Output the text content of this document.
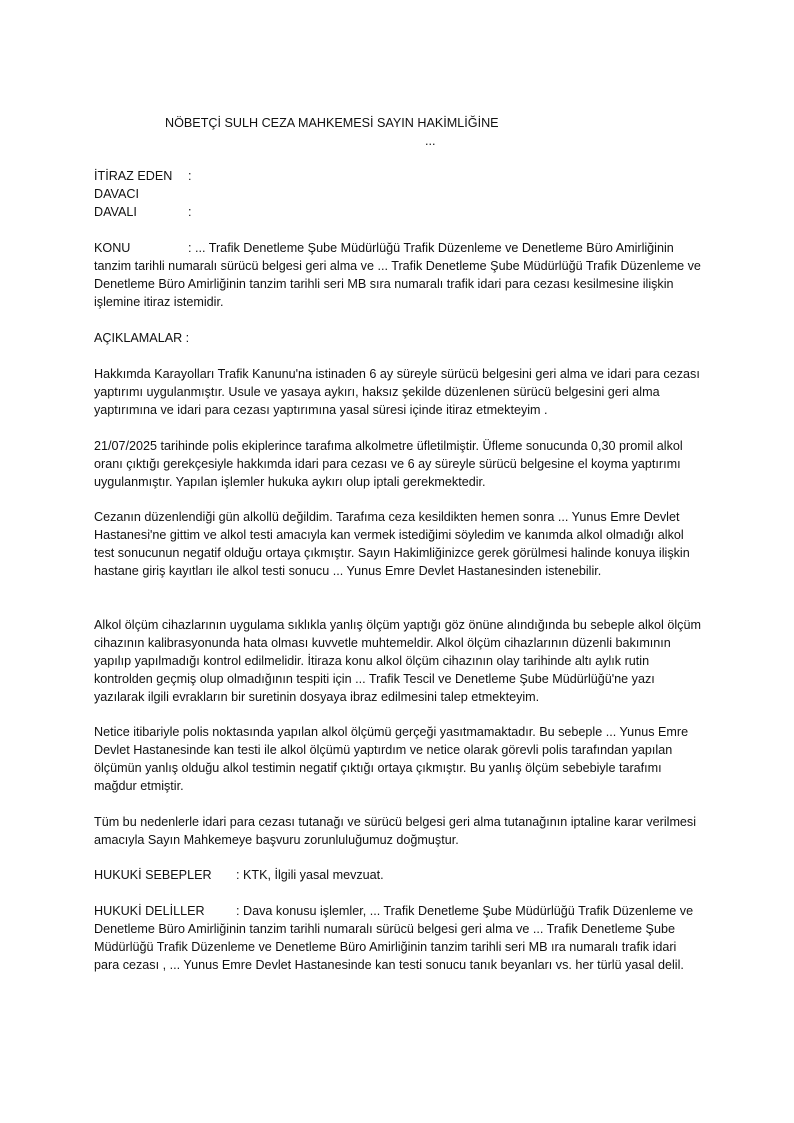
NÖBETÇİ SULH CEZA MAHKEMESİ SAYIN HAKİMLİĞİNE
...
İTİRAZ EDEN :
DAVACI
DAVALI	:

KONU	: ... Trafik Denetleme Şube Müdürlüğü Trafik Düzenleme ve Denetleme Büro Amirliğinin tanzim tarihli numaralı sürücü belgesi geri alma ve ... Trafik Denetleme Şube Müdürlüğü Trafik Düzenleme ve Denetleme Büro Amirliğinin tanzim tarihli seri MB sıra numaralı trafik idari para cezası kesilmesine ilişkin işlemine itiraz istemidir.

AÇIKLAMALAR :

Hakkımda Karayolları Trafik Kanunu'na istinaden 6 ay süreyle sürücü belgesini geri alma ve idari para cezası yaptırımı uygulanmıştır. Usule ve yasaya aykırı, haksız şekilde düzenlenen sürücü belgesini geri alma yaptırımına ve idari para cezası yaptırımına yasal süresi içinde itiraz etmekteyim .

21/07/2025 tarihinde polis ekiplerince tarafıma alkolmetre üfletilmiştir. Üfleme sonucunda 0,30 promil alkol oranı çıktığı gerekçesiyle hakkımda idari para cezası ve 6 ay süreyle sürücü belgesine el koyma yaptırımı uygulanmıştır. Yapılan işlemler hukuka aykırı olup iptali gerekmektedir.

Cezanın düzenlendiği gün alkollü değildim. Tarafıma ceza kesildikten hemen sonra ... Yunus Emre Devlet Hastanesi'ne gittim ve alkol testi amacıyla kan vermek istediğimi söyledim ve kanımda alkol olmadığı alkol test sonucunun negatif olduğu ortaya çıkmıştır. Sayın Hakimliğinizce gerek görülmesi halinde konuya ilişkin hastane giriş kayıtları ile alkol testi sonucu ... Yunus Emre Devlet Hastanesinden istenebilir.

Alkol ölçüm cihazlarının uygulama sıklıkla yanlış ölçüm yaptığı göz önüne alındığında bu sebeple alkol ölçüm cihazının kalibrasyonunda hata olması kuvvetle muhtemeldir. Alkol ölçüm cihazlarının düzenli bakımının yapılıp yapılmadığı kontrol edilmelidir. İtiraza konu alkol ölçüm cihazının olay tarihinde altı aylık rutin kontrolden geçmiş olup olmadığının tespiti için ... Trafik Tescil ve Denetleme Şube Müdürlüğü'ne yazı yazılarak ilgili evrakların bir suretinin dosyaya ibraz edilmesini talep etmekteyim.

Netice itibariyle polis noktasında yapılan alkol ölçümü gerçeği yasıtmamaktadır. Bu sebeple ... Yunus Emre Devlet Hastanesinde kan testi ile alkol ölçümü yaptırdım ve netice olarak görevli polis tarafından yapılan ölçümün yanlış olduğu alkol testimin negatif çıktığı ortaya çıkmıştır. Bu yanlış ölçüm sebebiyle tarafımı mağdur etmiştir.

Tüm bu nedenlerle idari para cezası tutanağı ve sürücü belgesi geri alma tutanağının iptaline karar verilmesi amacıyla Sayın Mahkemeye başvuru zorunluluğumuz doğmuştur.

HUKUKİ SEBEPLER : KTK, İlgili yasal mevzuat.

HUKUKİ DELİLLER : Dava konusu işlemler, ... Trafik Denetleme Şube Müdürlüğü Trafik Düzenleme ve Denetleme Büro Amirliğinin tanzim tarihli numaralı sürücü belgesi geri alma ve ... Trafik Denetleme Şube Müdürlüğü Trafik Düzenleme ve Denetleme Büro Amirliğinin tanzim tarihli seri MB ıra numaralı trafik idari para cezası , ... Yunus Emre Devlet Hastanesinde kan testi sonucu tanık beyanları vs. her türlü yasal delil.
